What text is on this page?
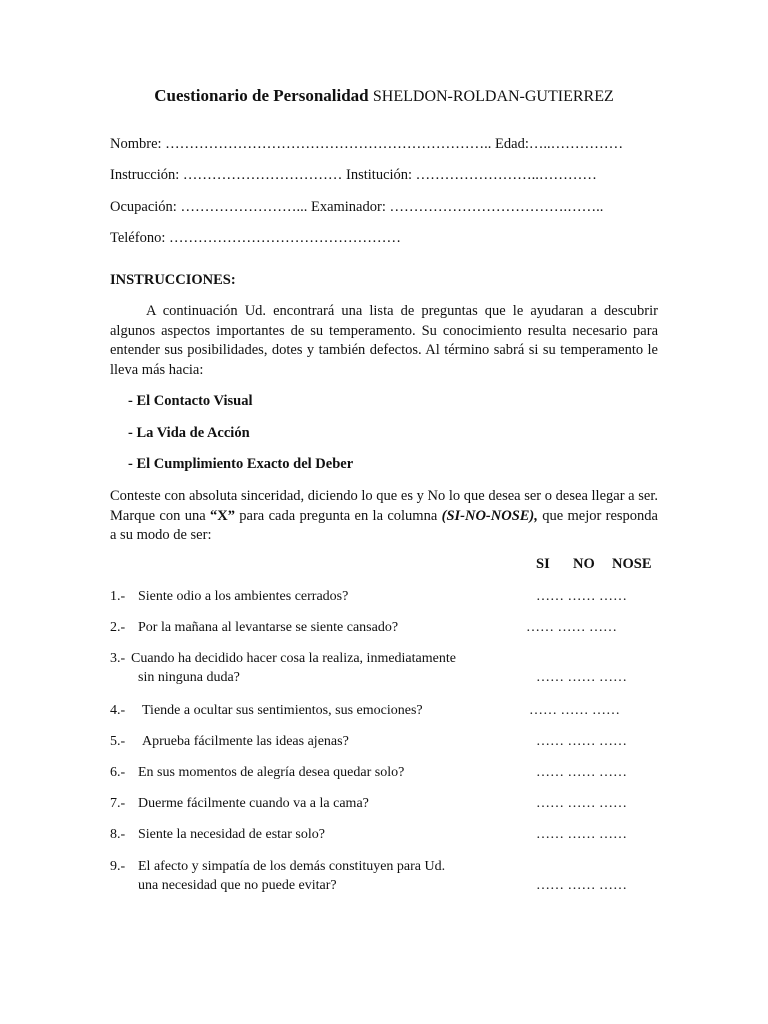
Cuestionario de Personalidad SHELDON-ROLDAN-GUTIERREZ
Nombre: ………………………………………………………….. Edad:…..……………
Instrucción: …………………………… Institución: ……………………..…………
Ocupación: ……………………... Examinador: ……………………………….……..
Teléfono: …………………………………………
INSTRUCCIONES:
A continuación Ud. encontrará una lista de preguntas que le ayudaran a descubrir algunos aspectos importantes de su temperamento. Su conocimiento resulta necesario para entender sus posibilidades, dotes y también defectos. Al término sabrá si su temperamento le lleva más hacia:
- El Contacto Visual
- La Vida de Acción
- El Cumplimiento Exacto del Deber
Conteste con absoluta sinceridad, diciendo lo que es y No lo que desea ser o desea llegar a ser. Marque con una “X” para cada pregunta en la columna (SI-NO-NOSE), que mejor responda a su modo de ser:
SI NO NOSE
1.- Siente odio a los ambientes cerrados?	…… …… ……
2.- Por la mañana al levantarse se siente cansado?	…… …… ……
3.- Cuando ha decidido hacer cosa la realiza, inmediatamente
sin ninguna duda?	…… …… ……
4.- Tiende a ocultar sus sentimientos, sus emociones?	…… …… ……
5.- Aprueba fácilmente las ideas ajenas?	…… …… ……
6.- En sus momentos de alegría desea quedar solo?	…… …… ……
7.- Duerme fácilmente cuando va a la cama?	…… …… ……
8.- Siente la necesidad de estar solo?	…… …… ……
9.- El afecto y simpatía de los demás constituyen para Ud.
una necesidad que no puede evitar?	…… …… ……
